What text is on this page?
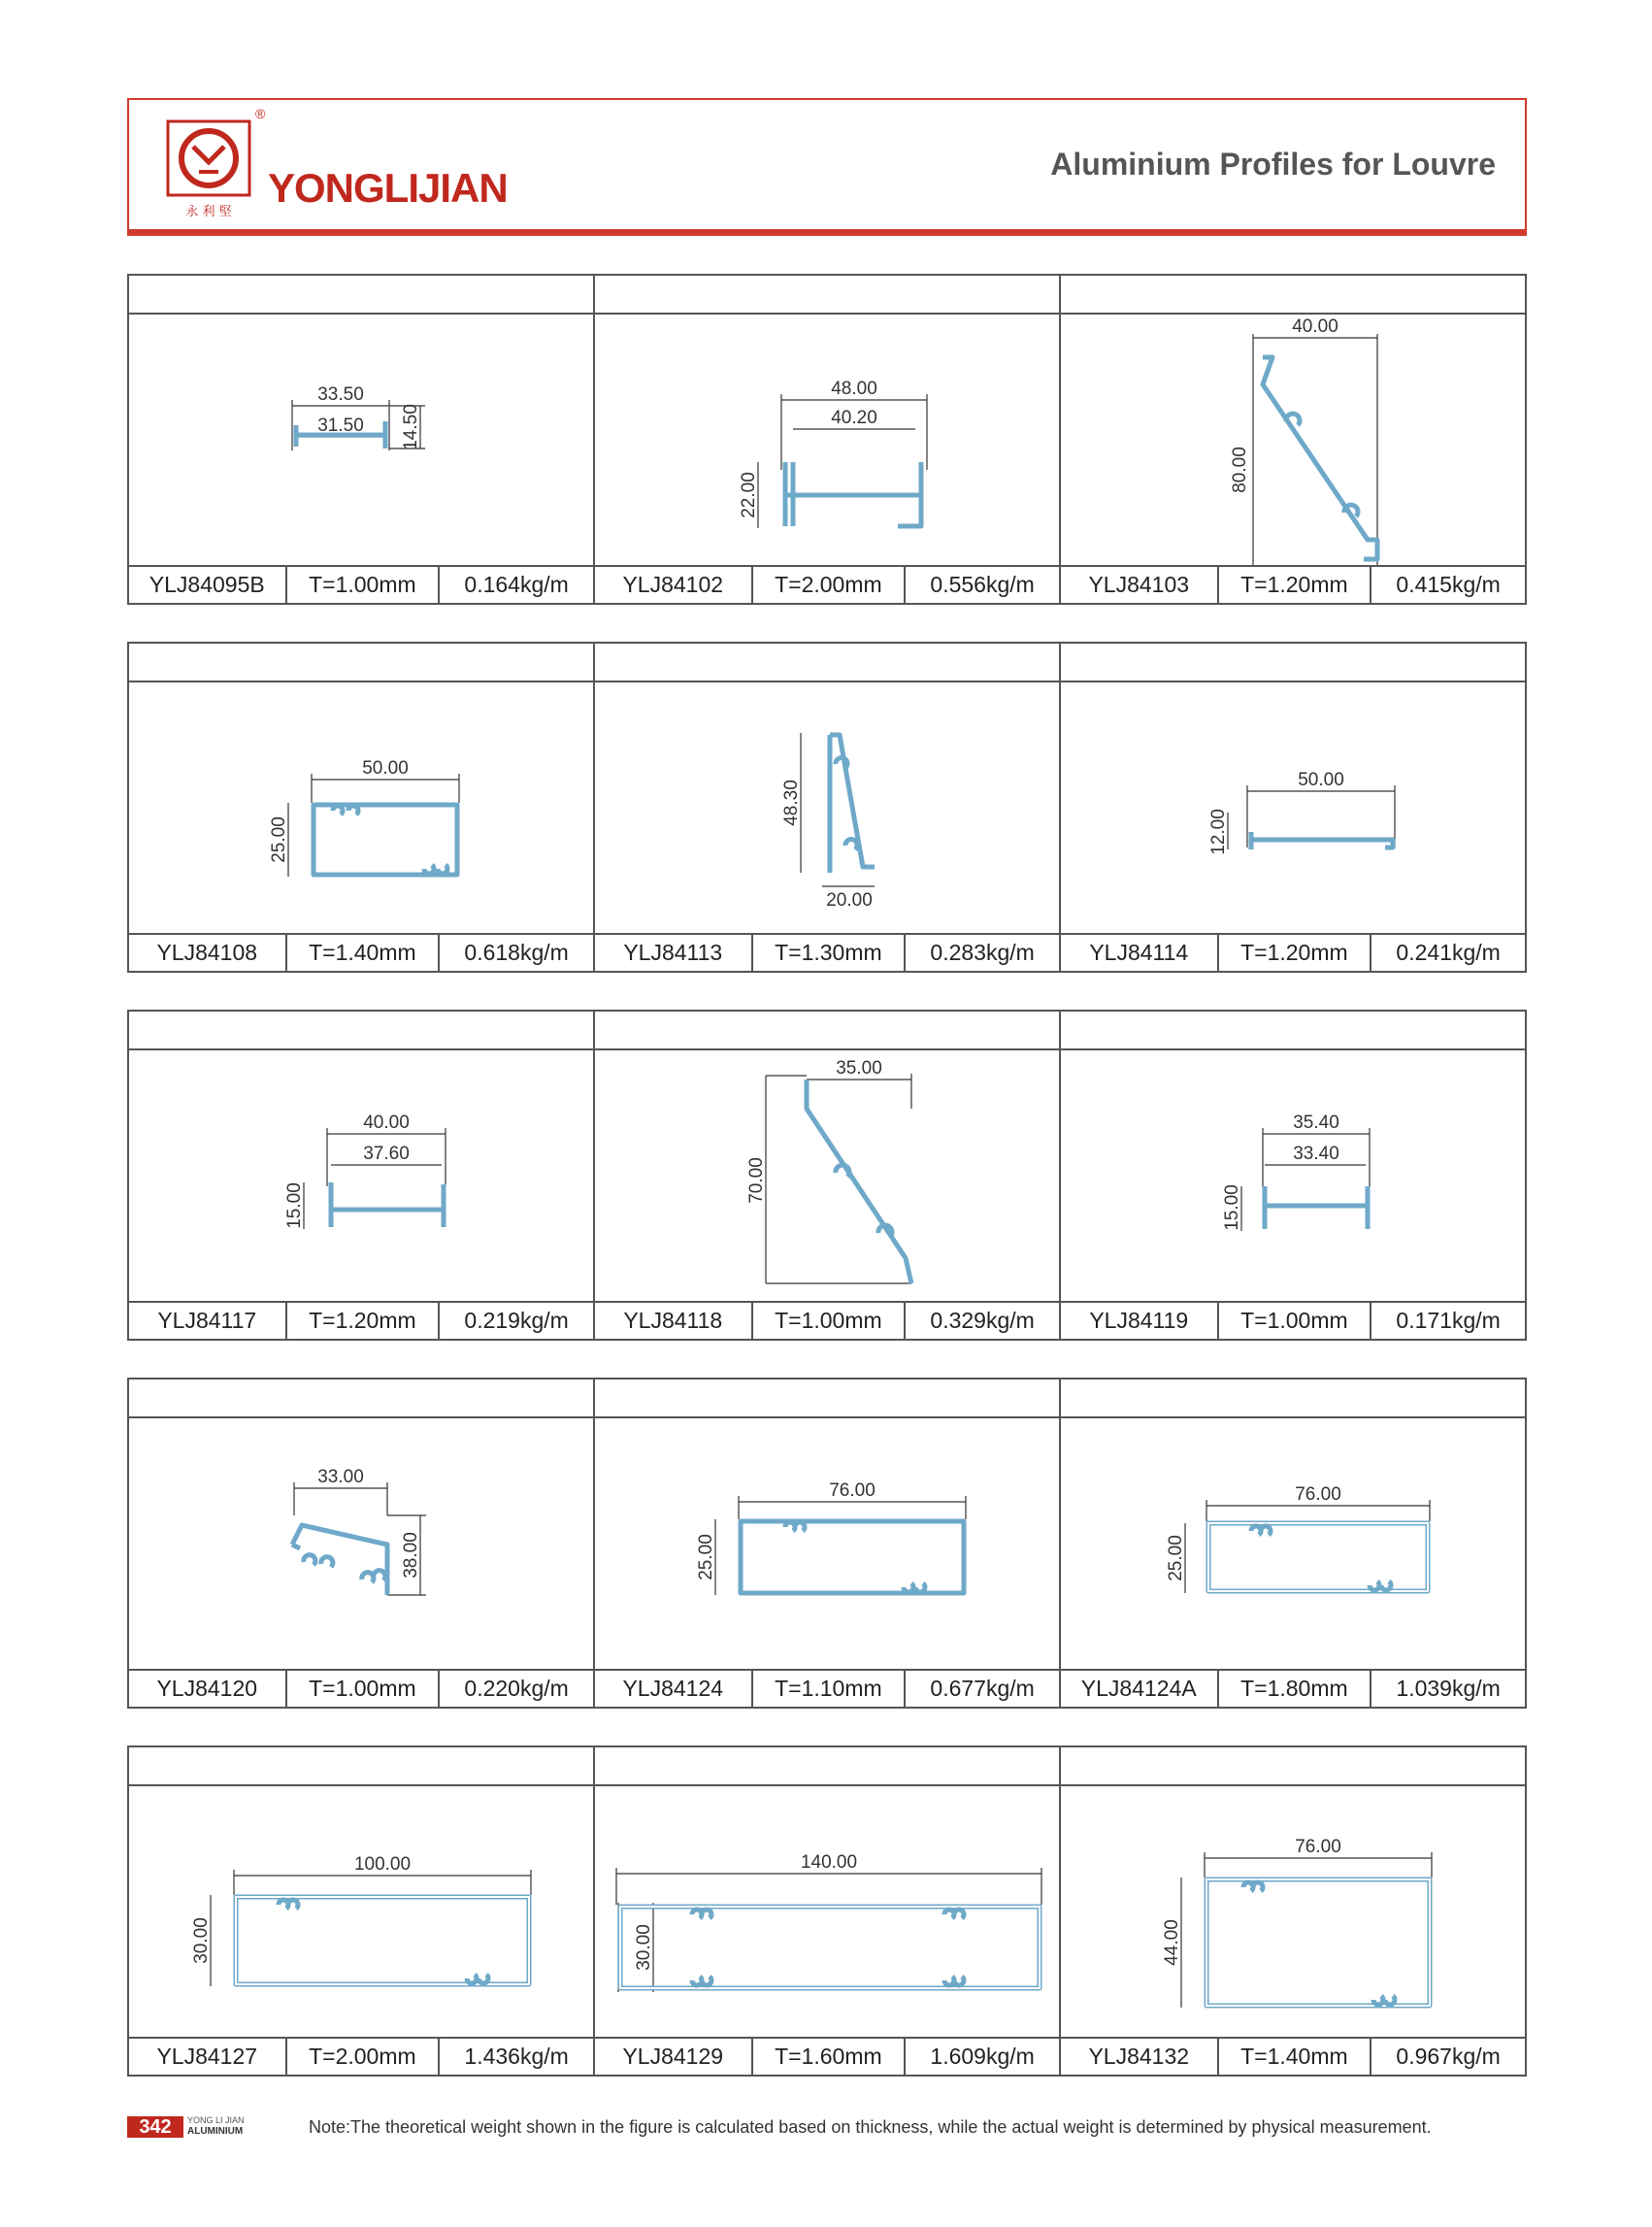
永 利 堅
®
YONGLIJIAN
Aluminium Profiles for Louvre
33.50
31.50 14.50
YLJ84095B	T=1.00mm	0.164kg/m
48.00
40.20
22.00
YLJ84102	T=2.00mm	0.556kg/m
40.00
80.00
YLJ84103	T=1.20mm	0.415kg/m
50.00
25.00
YLJ84108	T=1.40mm	0.618kg/m
48.30
20.00
YLJ84113	T=1.30mm	0.283kg/m
50.00
12.00
YLJ84114	T=1.20mm	0.241kg/m
40.00
37.60
15.00
YLJ84117	T=1.20mm	0.219kg/m
35.00
70.00
YLJ84118	T=1.00mm	0.329kg/m
35.40
33.40
15.00
YLJ84119	T=1.00mm	0.171kg/m
33.00
38.00
YLJ84120	T=1.00mm	0.220kg/m
76.00
25.00
YLJ84124	T=1.10mm	0.677kg/m
76.00
25.00
YLJ84124A	T=1.80mm	1.039kg/m
100.00
30.00
YLJ84127	T=2.00mm	1.436kg/m
140.00
30.00
YLJ84129	T=1.60mm	1.609kg/m
76.00
44.00
YLJ84132	T=1.40mm	0.967kg/m
342	YONG LI JIAN
ALUMINIUM	Note:The theoretical weight shown in the figure is calculated based on thickness, while the actual weight is determined by physical measurement.
